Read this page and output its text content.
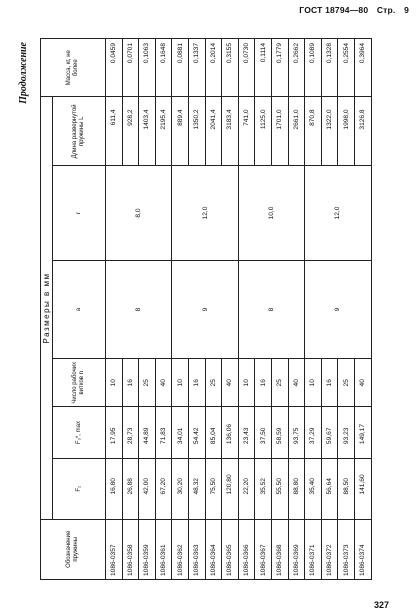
ГОСТ 18794—80 Стр. 9
Продолжение
Обозначение пружины	Размеры в мм						Масса, кг, не более
	F₁	F₃*, max	Число рабочих витков n	a	r	Длина развернутой пружины L	
1086-0357	16,80	17,95	10	8	8,0	611,4	0,0459
1086-0358	26,88	28,73	16			928,2	0,0701
1086-0359	42,00	44,89	25			1403,4	0,1063
1086-0361	67,20	71,83	40			2195,4	0,1648
1086-0362	30,20	34,01	10	9	12,0	889,4	0,0881
1086-0363	48,32	54,42	16			1350,2	0,1337
1086-0364	75,50	85,04	25			2041,4	0,2014
1086-0365	120,80	136,06	40			3183,4	0,3155
1086-0366	22,20	23,43	10	8	10,0	741,0	0,0730
1086-0367	35,52	37,50	16			1125,0	0,1114
1086-0368	55,50	58,59	25			1701,0	0,1779
1086-0369	88,80	93,75	40			2661,0	0,2662
1086-0371	35,40	37,29	10	9	12,0	870,8	0,1089
1086-0372	56,64	59,67	16			1322,0	0,1328
1086-0373	88,50	93,23	25			1998,0	0,2554
1086-0374	141,60	149,17	40			3126,8	0,3964
327
